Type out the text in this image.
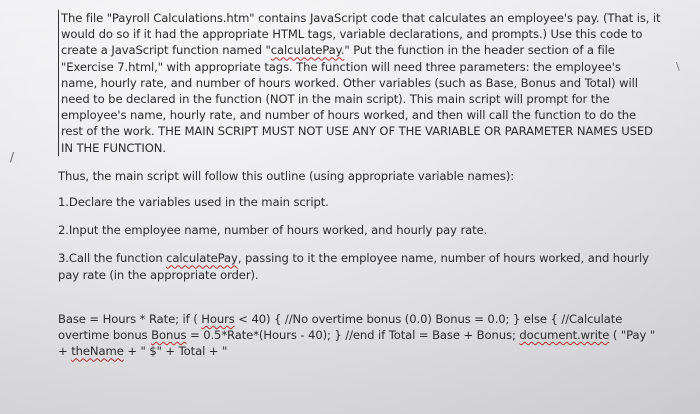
/
\

The file "Payroll Calculations.htm" contains JavaScript code that calculates an employee's pay. (That is, it
would do so if it had the appropriate HTML tags, variable declarations, and prompts.) Use this code to
create a JavaScript function named "calculatePay." Put the function in the header section of a file
"Exercise 7.html," with appropriate tags. The function will need three parameters: the employee's
name, hourly rate, and number of hours worked. Other variables (such as Base, Bonus and Total) will
need to be declared in the function (NOT in the main script). This main script will prompt for the
employee's name, hourly rate, and number of hours worked, and then will call the function to do the
rest of the work. THE MAIN SCRIPT MUST NOT USE ANY OF THE VARIABLE OR PARAMETER NAMES USED
IN THE FUNCTION.

Thus, the main script will follow this outline (using appropriate variable names):
1.Declare the variables used in the main script.
2.Input the employee name, number of hours worked, and hourly pay rate.
3.Call the function calculatePay, passing to it the employee name, number of hours worked, and hourly
pay rate (in the appropriate order).
Base = Hours * Rate; if ( Hours < 40) { //No overtime bonus (0.0) Bonus = 0.0; } else { //Calculate
overtime bonus Bonus = 0.5*Rate*(Hours - 40); } //end if Total = Base + Bonus; document.write ( "Pay "
+ theName + " $" + Total + "
